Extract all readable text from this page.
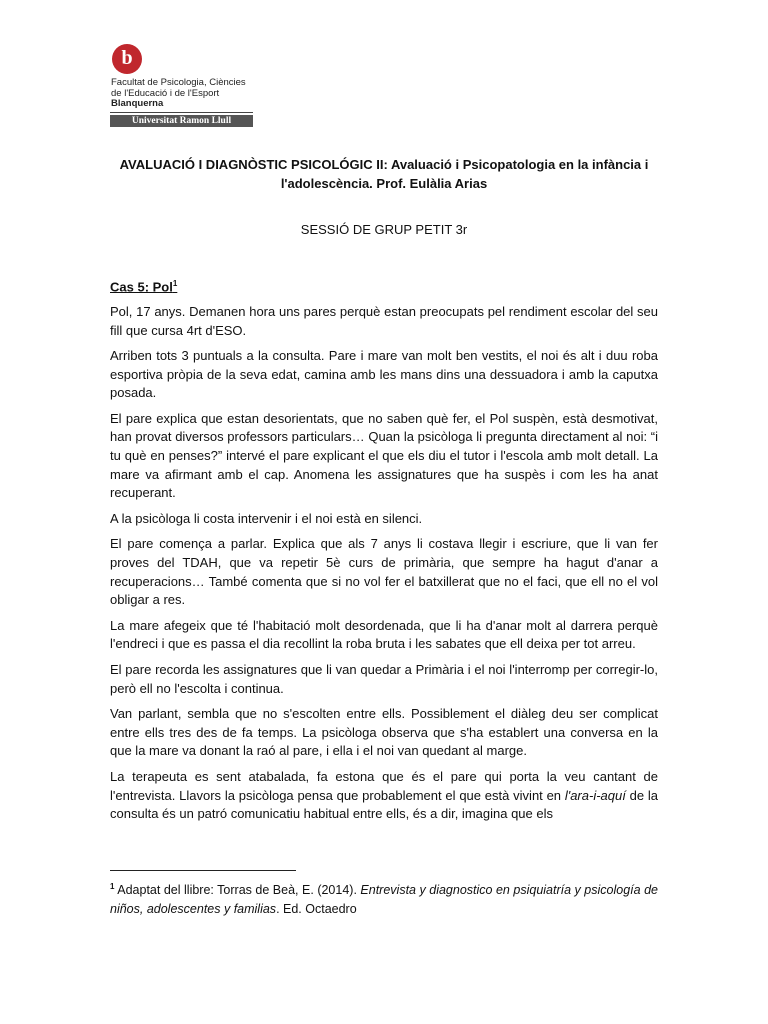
b
Facultat de Psicologia, Ciències
de l'Educació i de l'Esport Blanquerna
Universitat Ramon Llull
AVALUACIÓ I DIAGNÒSTIC PSICOLÓGIC II: Avaluació i Psicopatologia en la infància i l'adolescència. Prof. Eulàlia Arias
SESSIÓ DE GRUP PETIT 3r
Cas 5: Pol$^1$

Pol, 17 anys. Demanen hora uns pares perquè estan preocupats pel rendiment escolar del seu fill que cursa 4rt d'ESO.

Arriben tots 3 puntuals a la consulta. Pare i mare van molt ben vestits, el noi és alt i duu roba esportiva pròpia de la seva edat, camina amb les mans dins una dessuadora i amb la caputxa posada.

El pare explica que estan desorientats, que no saben què fer, el Pol suspèn, està desmotivat, han provat diversos professors particulars… Quan la psicòloga li pregunta directament al noi: “i tu què en penses?” intervé el pare explicant el que els diu el tutor i l'escola amb molt detall. La mare va afirmant amb el cap. Anomena les assignatures que ha suspès i com les ha anat recuperant.

A la psicòloga li costa intervenir i el noi està en silenci.

El pare comença a parlar. Explica que als 7 anys li costava llegir i escriure, que li van fer proves del TDAH, que va repetir 5è curs de primària, que sempre ha hagut d'anar a recuperacions… També comenta que si no vol fer el batxillerat que no el faci, que ell no el vol obligar a res.

La mare afegeix que té l'habitació molt desordenada, que li ha d'anar molt al darrera perquè l'endreci i que es passa el dia recollint la roba bruta i les sabates que ell deixa per tot arreu.

El pare recorda les assignatures que li van quedar a Primària i el noi l'interromp per corregir-lo, però ell no l'escolta i continua.

Van parlant, sembla que no s'escolten entre ells. Possiblement el diàleg deu ser complicat entre ells tres des de fa temps. La psicòloga observa que s'ha establert una conversa en la que la mare va donant la raó al pare, i ella i el noi van quedant al marge.

La terapeuta es sent atabalada, fa estona que és el pare qui porta la veu cantant de l'entrevista. Llavors la psicòloga pensa que probablement el que està vivint en l'ara-i-aquí de la consulta és un patró comunicatiu habitual entre ells, és a dir, imagina que els

$^1$ Adaptat del llibre: Torras de Beà, E. (2014). Entrevista y diagnostico en psiquiatría y psicología de niños, adolescentes y familias. Ed. Octaedro
